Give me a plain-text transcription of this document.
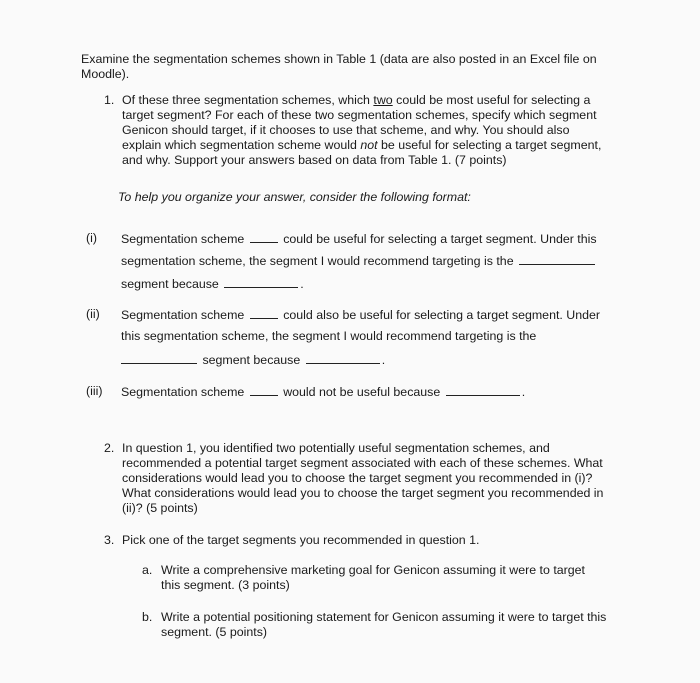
Examine the segmentation schemes shown in Table 1 (data are also posted in an Excel file on Moodle).
1. Of these three segmentation schemes, which two could be most useful for selecting a target segment? For each of these two segmentation schemes, specify which segment Genicon should target, if it chooses to use that scheme, and why. You should also explain which segmentation scheme would not be useful for selecting a target segment, and why. Support your answers based on data from Table 1. (7 points)
To help you organize your answer, consider the following format:
(i)	Segmentation scheme	could be useful for selecting a target segment. Under this
segmentation scheme, the segment I would recommend targeting is the
segment because	.
(ii)	Segmentation scheme	could also be useful for selecting a target segment. Under
this segmentation scheme, the segment I would recommend targeting is the
segment because	.
(iii)	Segmentation scheme	would not be useful because	.
2. In question 1, you identified two potentially useful segmentation schemes, and recommended a potential target segment associated with each of these schemes. What considerations would lead you to choose the target segment you recommended in (i)? What considerations would lead you to choose the target segment you recommended in (ii)? (5 points)
3. Pick one of the target segments you recommended in question 1.
a. Write a comprehensive marketing goal for Genicon assuming it were to target this segment. (3 points)
b. Write a potential positioning statement for Genicon assuming it were to target this segment. (5 points)
